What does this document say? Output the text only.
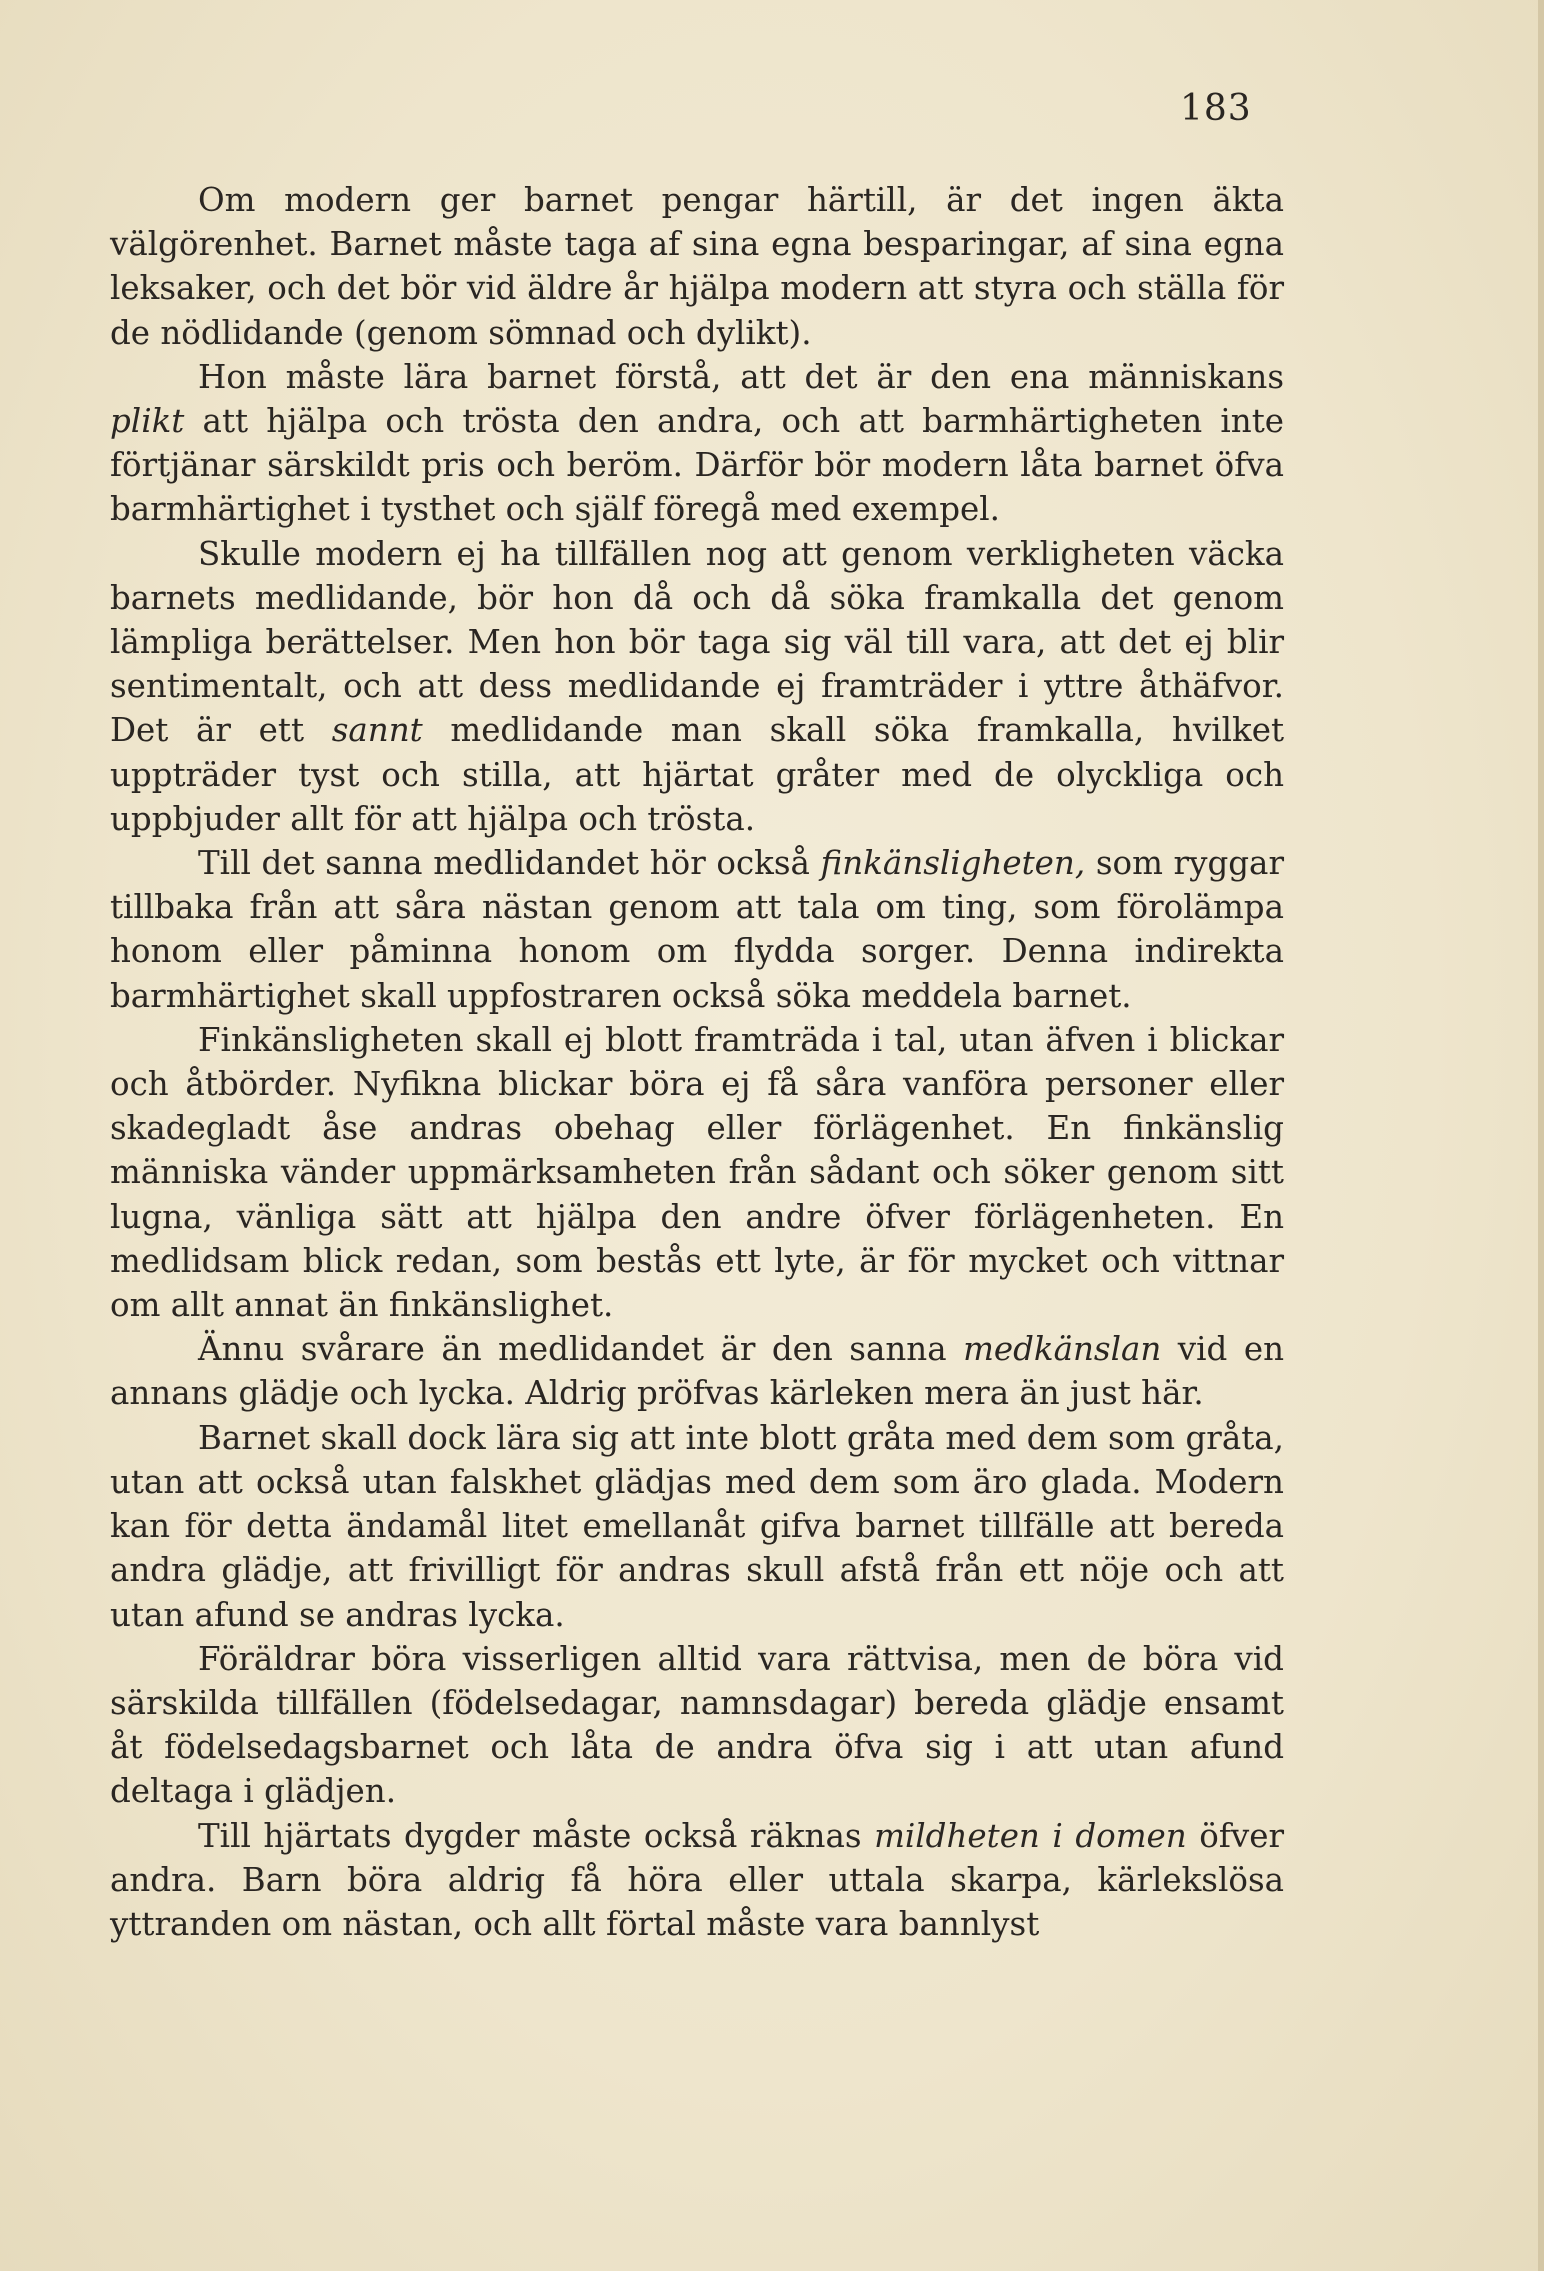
183

Om modern ger barnet pengar härtill, är det ingen äkta välgörenhet. Barnet måste taga af sina egna besparingar, af sina egna leksaker, och det bör vid äldre år hjälpa modern att styra och ställa för de nödlidande (genom sömnad och dylikt).

Hon måste lära barnet förstå, att det är den ena människans plikt att hjälpa och trösta den andra, och att barmhärtigheten inte förtjänar särskildt pris och beröm. Därför bör modern låta barnet öfva barmhärtighet i tysthet och själf föregå med exempel.

Skulle modern ej ha tillfällen nog att genom verkligheten väcka barnets medlidande, bör hon då och då söka framkalla det genom lämpliga berättelser. Men hon bör taga sig väl till vara, att det ej blir sentimentalt, och att dess medlidande ej framträder i yttre åthäfvor. Det är ett sannt medlidande man skall söka framkalla, hvilket uppträder tyst och stilla, att hjärtat gråter med de olyckliga och uppbjuder allt för att hjälpa och trösta.

Till det sanna medlidandet hör också finkänsligheten, som ryggar tillbaka från att såra nästan genom att tala om ting, som förolämpa honom eller påminna honom om flydda sorger. Denna indirekta barmhärtighet skall uppfostraren också söka meddela barnet.

Finkänsligheten skall ej blott framträda i tal, utan äfven i blickar och åtbörder. Nyfikna blickar böra ej få såra vanföra personer eller skadegladt åse andras obehag eller förlägenhet. En finkänslig människa vänder uppmärksamheten från sådant och söker genom sitt lugna, vänliga sätt att hjälpa den andre öfver förlägenheten. En medlidsam blick redan, som bestås ett lyte, är för mycket och vittnar om allt annat än finkänslighet.

Ännu svårare än medlidandet är den sanna medkänslan vid en annans glädje och lycka. Aldrig pröfvas kärleken mera än just här.

Barnet skall dock lära sig att inte blott gråta med dem som gråta, utan att också utan falskhet glädjas med dem som äro glada. Modern kan för detta ändamål litet emellanåt gifva barnet tillfälle att bereda andra glädje, att frivilligt för andras skull afstå från ett nöje och att utan afund se andras lycka.

Föräldrar böra visserligen alltid vara rättvisa, men de böra vid särskilda tillfällen (födelsedagar, namnsdagar) bereda glädje ensamt åt födelsedagsbarnet och låta de andra öfva sig i att utan afund deltaga i glädjen.

Till hjärtats dygder måste också räknas mildheten i domen öfver andra. Barn böra aldrig få höra eller uttala skarpa, kärlekslösa yttranden om nästan, och allt förtal måste vara bannlyst
